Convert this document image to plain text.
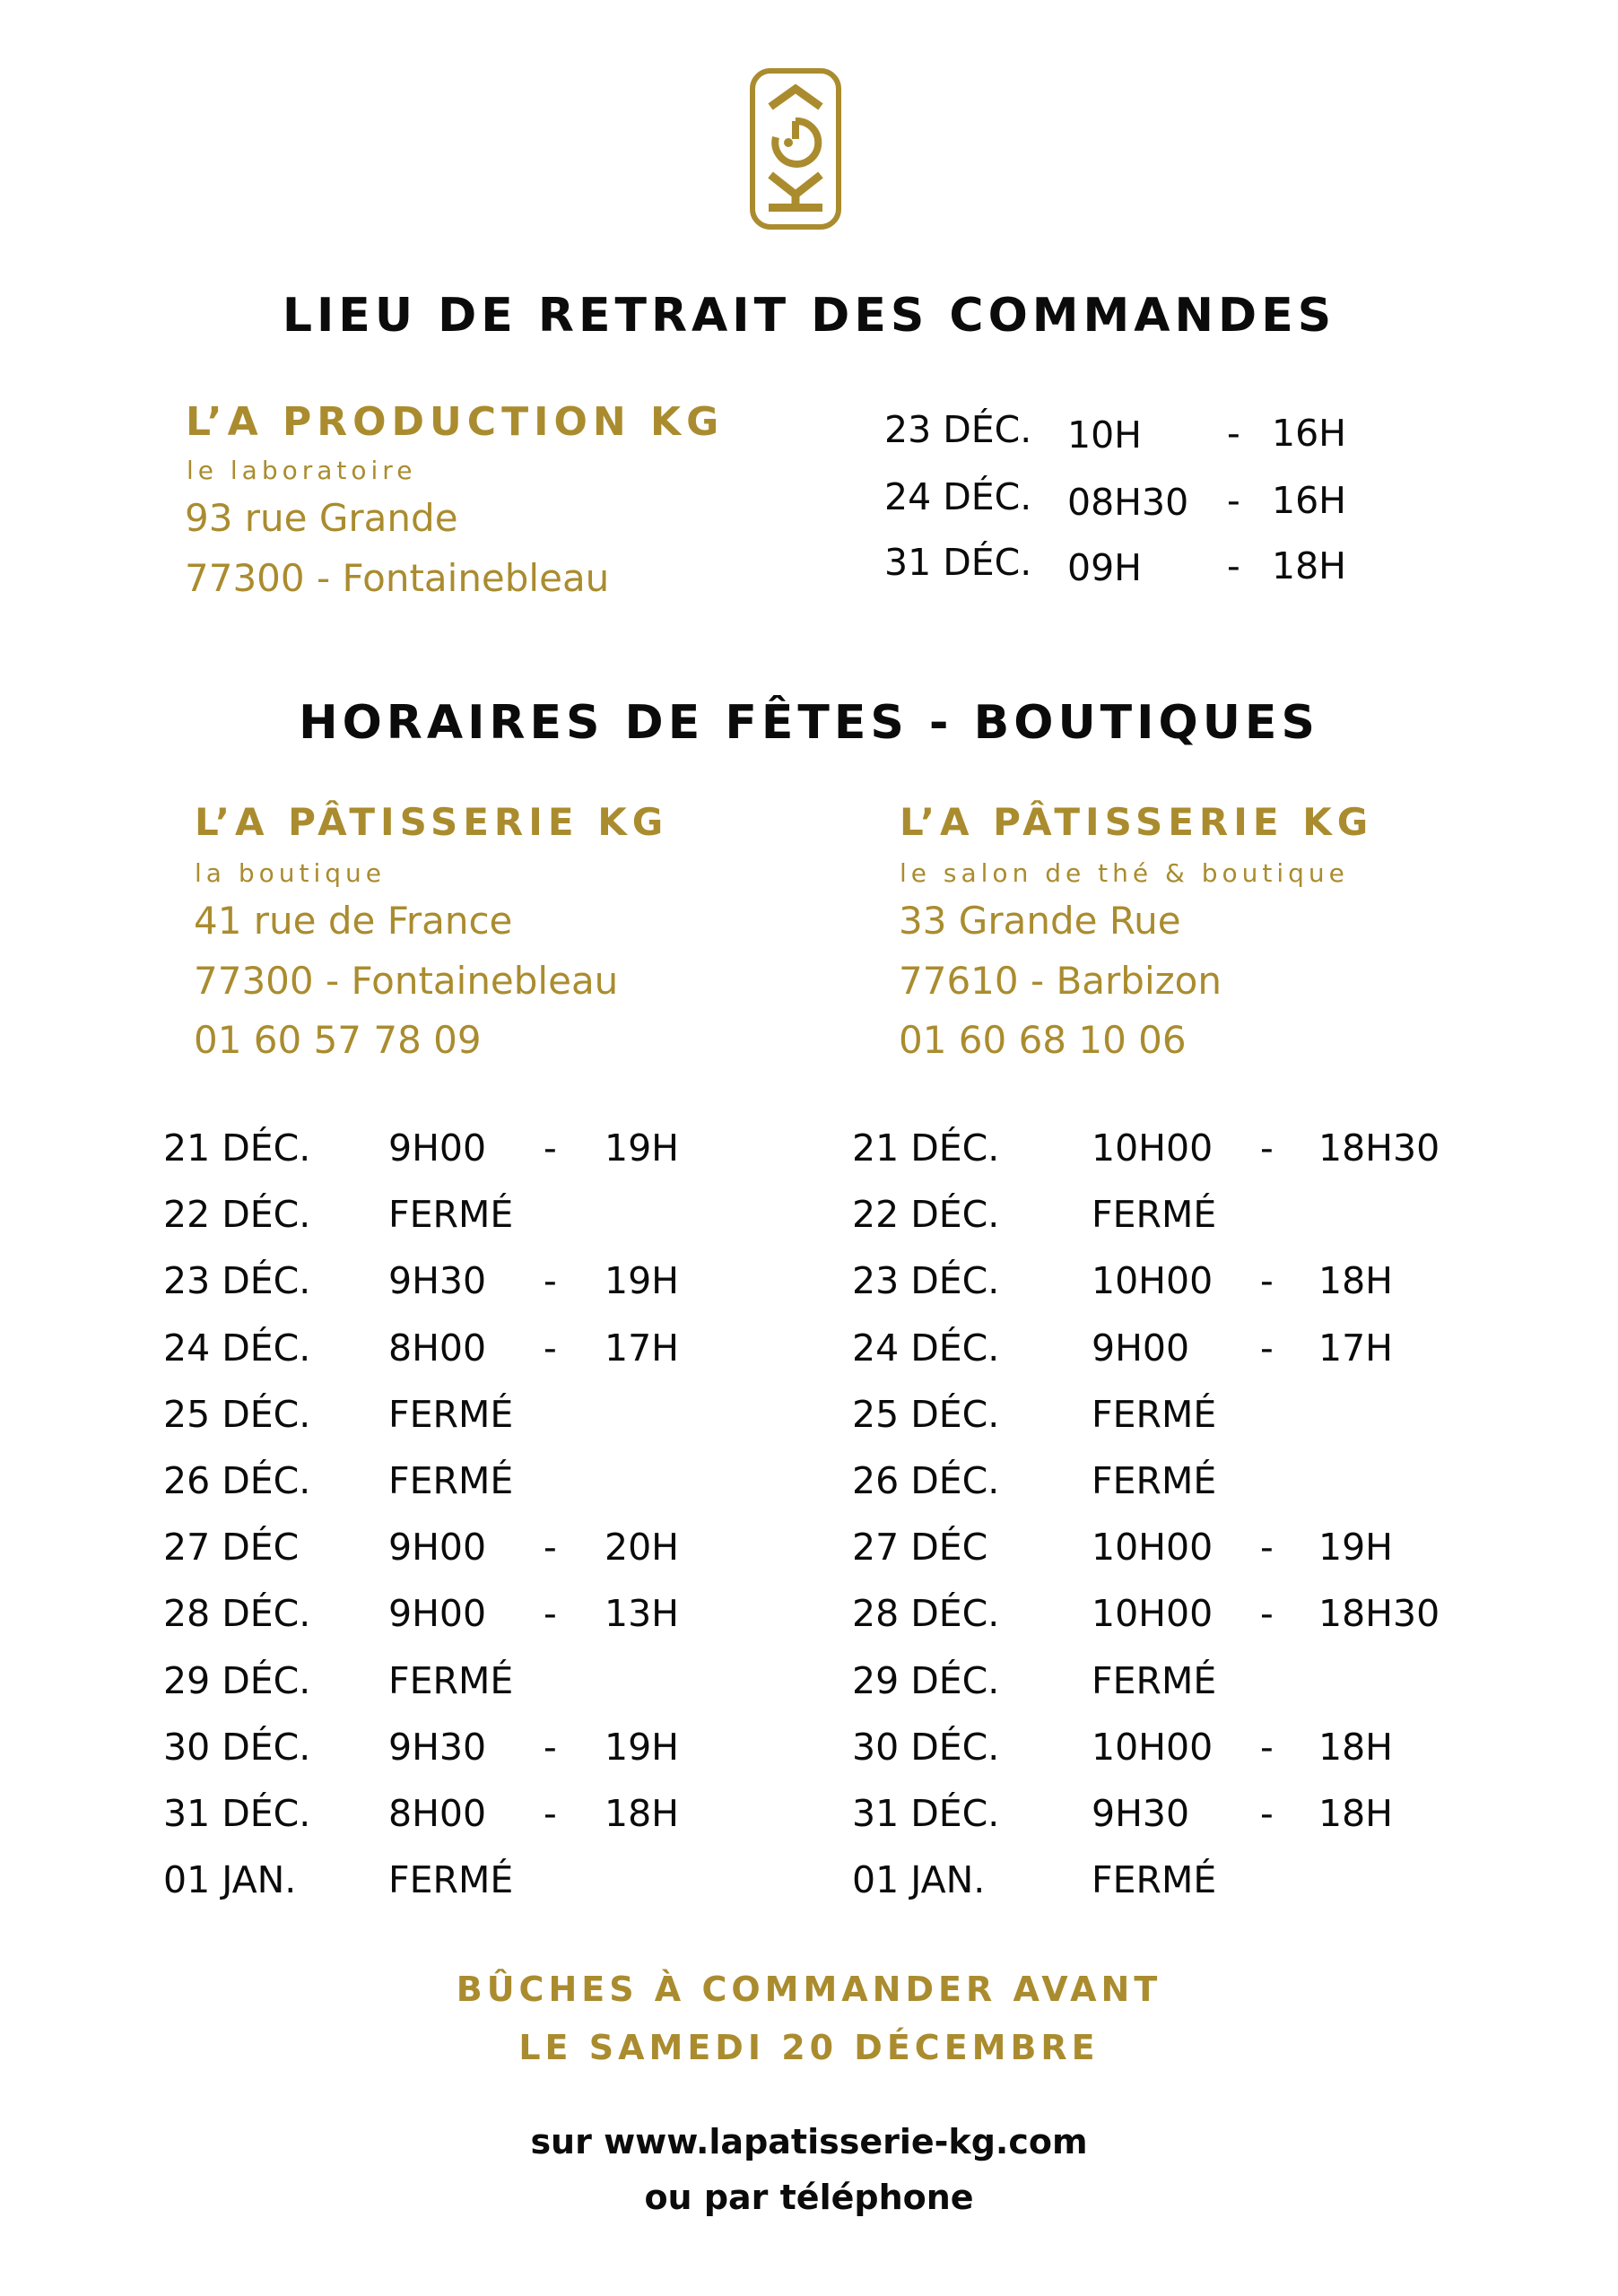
LIEU DE RETRAIT DES COMMANDES
L’A PRODUCTION KG
le laboratoire
93 rue Grande
77300 - Fontainebleau
23 DÉC. 10H - 16H
24 DÉC. 08H30 - 16H
31 DÉC. 09H - 18H
HORAIRES DE FÊTES - BOUTIQUES
L’A PÂTISSERIE KG
la boutique
41 rue de France
77300 - Fontainebleau
01 60 57 78 09
L’A PÂTISSERIE KG
le salon de thé & boutique
33 Grande Rue
77610 - Barbizon
01 60 68 10 06
21 DÉC. 9H00 - 19H
22 DÉC. FERMÉ
23 DÉC. 9H30 - 19H
24 DÉC. 8H00 - 17H
25 DÉC. FERMÉ
26 DÉC. FERMÉ
27 DÉC 9H00 - 20H
28 DÉC. 9H00 - 13H
29 DÉC. FERMÉ
30 DÉC. 9H30 - 19H
31 DÉC. 8H00 - 18H
01 JAN.	FERMÉ
21 DÉC.	10H00 - 18H30
22 DÉC.	FERMÉ
23 DÉC.	10H00 - 18H
24 DÉC.	9H00 - 17H
25 DÉC.	FERMÉ
26 DÉC.	FERMÉ
27 DÉC	10H00 - 19H
28 DÉC.	10H00 - 18H30
29 DÉC.	FERMÉ
30 DÉC.	10H00 - 18H
31 DÉC.	9H30 - 18H
01 JAN.	FERMÉ
BÛCHES À COMMANDER AVANT
LE SAMEDI 20 DÉCEMBRE
sur www.lapatisserie-kg.com
ou par téléphone
